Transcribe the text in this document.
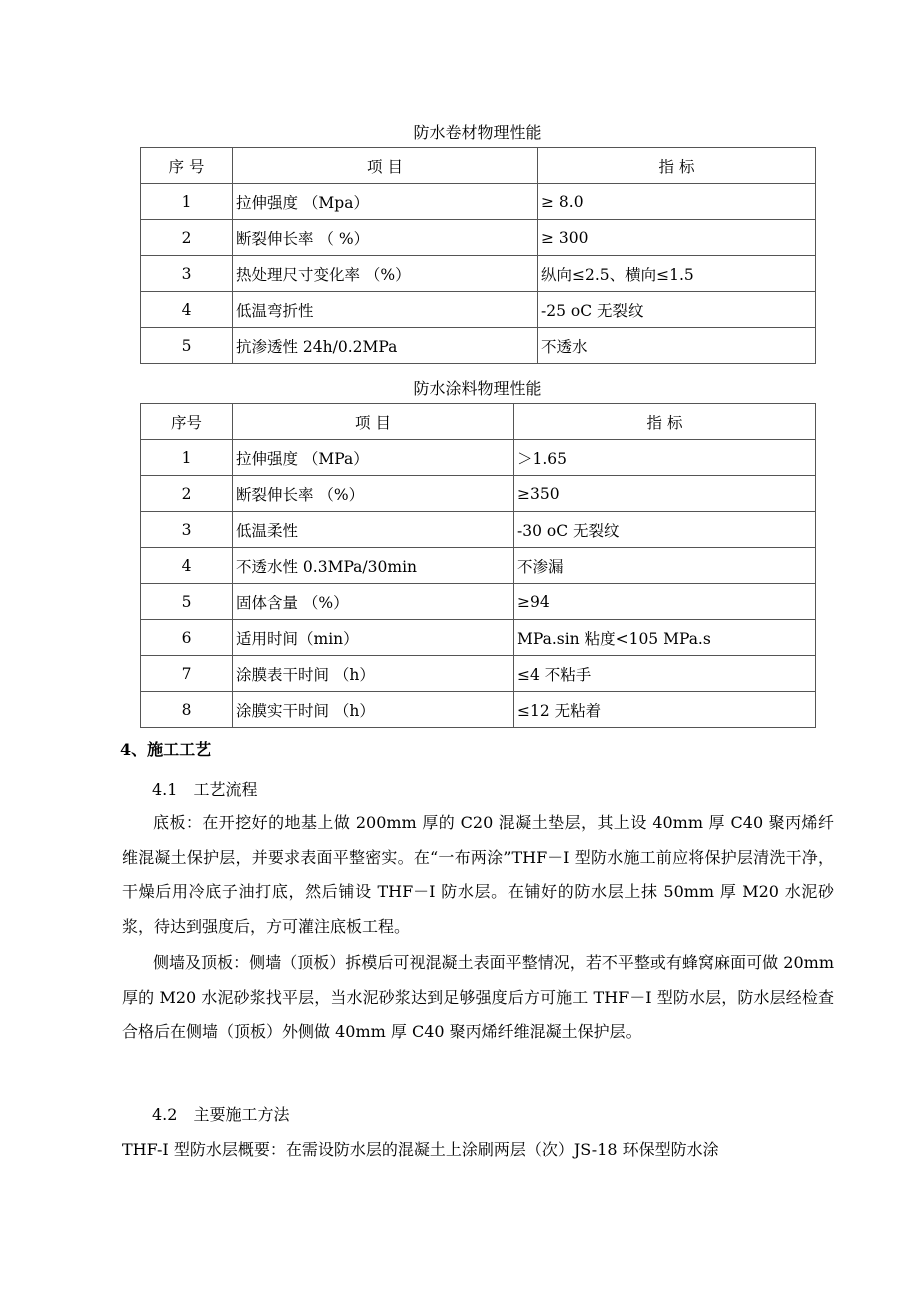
防水卷材物理性能
序 号	项 目	指 标
1	拉伸强度 （Mpa）	≥ 8.0
2	断裂伸长率 （ %）	≥ 300
3	热处理尺寸变化率 （%）	纵向≤2.5、横向≤1.5
4	低温弯折性	-25 oC 无裂纹
5	抗渗透性 24h/0.2MPa	不透水
防水涂料物理性能
序号	项 目	指 标
1	拉伸强度 （MPa）	＞1.65
2	断裂伸长率 （%）	≥350
3	低温柔性	-30 oC 无裂纹
4	不透水性 0.3MPa/30min	不渗漏
5	固体含量 （%）	≥94
6	适用时间（min）	MPa.sin 粘度<105 MPa.s
7	涂膜表干时间 （h）	≤4 不粘手
8	涂膜实干时间 （h）	≤12 无粘着
4、施工工艺
4.1　工艺流程
底板：在开挖好的地基上做 200mm 厚的 C20 混凝土垫层，其上设 40mm 厚 C40 聚丙烯纤维混凝土保护层，并要求表面平整密实。在“一布两涂”THF－I 型防水施工前应将保护层清洗干净，干燥后用冷底子油打底，然后铺设 THF－I 防水层。在铺好的防水层上抹 50mm 厚 M20 水泥砂浆，待达到强度后，方可灌注底板工程。
侧墙及顶板：侧墙（顶板）拆模后可视混凝土表面平整情况，若不平整或有蜂窝麻面可做 20mm 厚的 M20 水泥砂浆找平层，当水泥砂浆达到足够强度后方可施工 THF－I 型防水层，防水层经检查合格后在侧墙（顶板）外侧做 40mm 厚 C40 聚丙烯纤维混凝土保护层。
4.2　主要施工方法
THF-I 型防水层概要：在需设防水层的混凝土上涂刷两层（次）JS-18 环保型防水涂
